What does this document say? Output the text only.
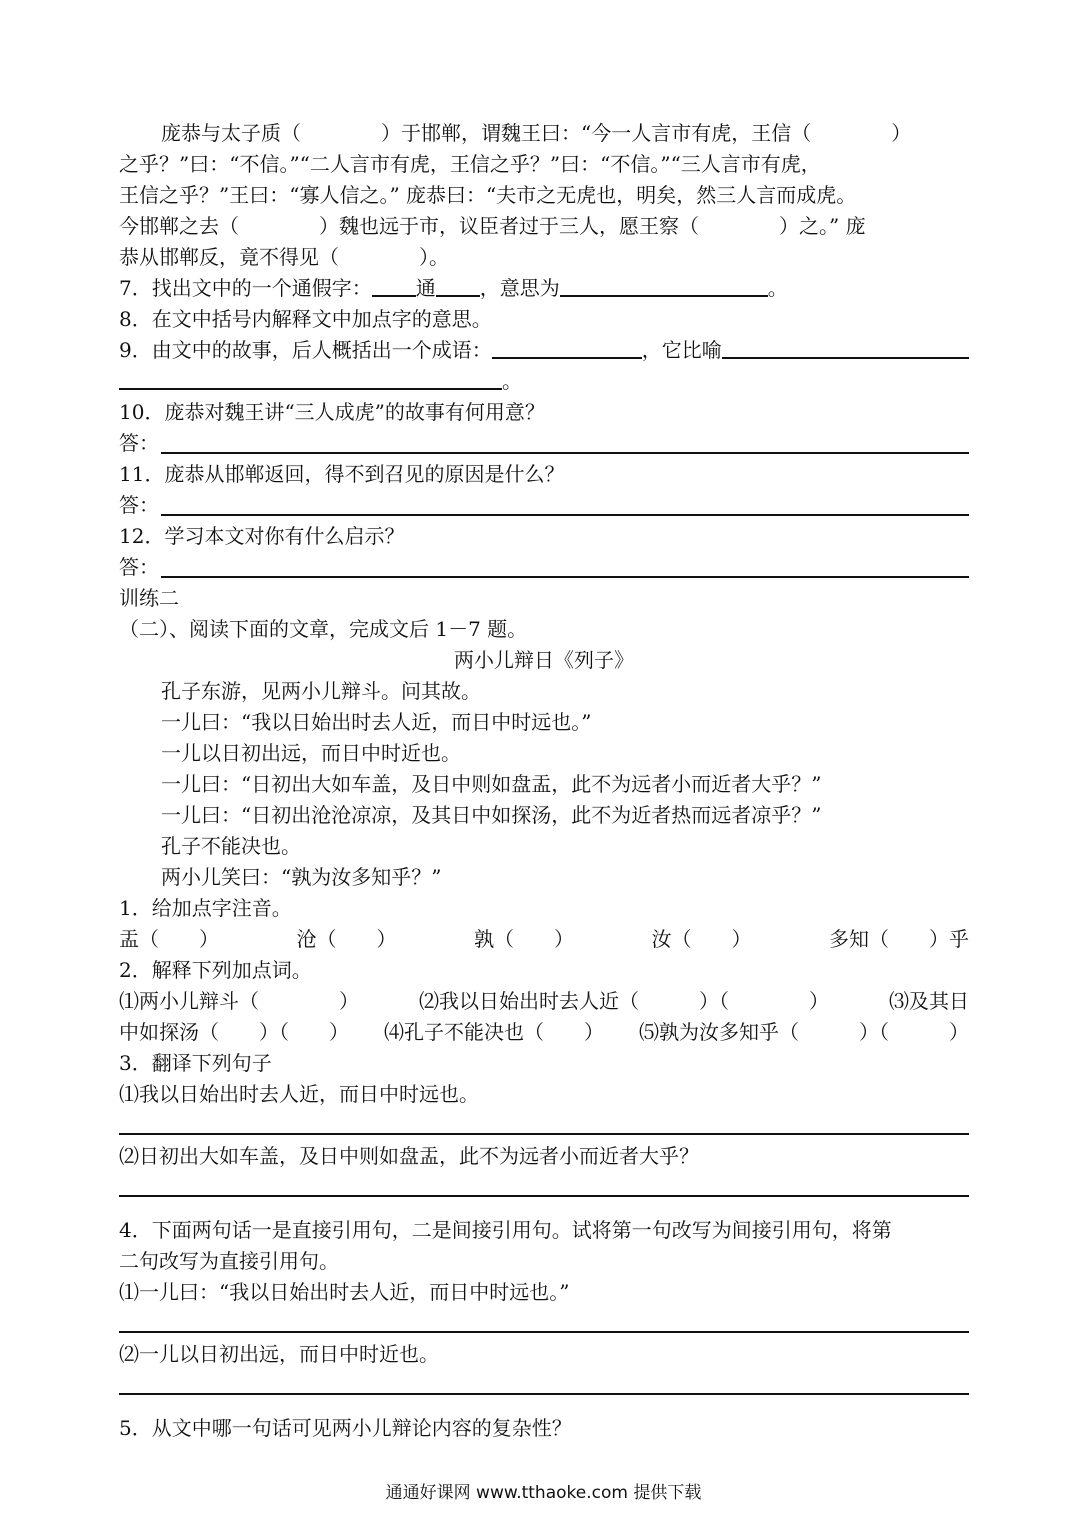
庞恭与太子质（　　　　）于邯郸，谓魏王曰：“今一人言市有虎，王信（　　　　）
之乎？”曰：“不信。”“二人言市有虎，王信之乎？”曰：“不信。”“三人言市有虎，
王信之乎？”王曰：“寡人信之。” 庞恭曰：“夫市之无虎也，明矣，然三人言而成虎。
今邯郸之去（　　　　）魏也远于市，议臣者过于三人，愿王察（　　　　）之。” 庞
恭从邯郸反，竟不得见（　　　　）。
7．找出文中的一个通假字： 通 ，意思为	。
8．在文中括号内解释文中加点字的意思。
9．由文中的故事，后人概括出一个成语：	，它比喻
。
10．庞恭对魏王讲“三人成虎”的故事有何用意？
答：
11．庞恭从邯郸返回，得不到召见的原因是什么？
答：
12．学习本文对你有什么启示？
答：
训练二
（二）、阅读下面的文章，完成文后 1－7 题。
两小儿辩日《列子》
孔子东游，见两小儿辩斗。问其故。
一儿曰：“我以日始出时去人近，而日中时远也。”
一儿以日初出远，而日中时近也。
一儿曰：“日初出大如车盖，及日中则如盘盂，此不为远者小而近者大乎？”
一儿曰：“日初出沧沧凉凉，及其日中如探汤，此不为近者热而远者凉乎？”
孔子不能决也。
两小儿笑曰：“孰为汝多知乎？”
1．给加点字注音。
盂（　　）	沧（　　）	孰（　　）	汝（　　）	多知（　　）乎
2．解释下列加点词。
⑴两小儿辩斗（　　　　）	⑵我以日始出时去人近（　　　）（　　　　）	⑶及其日
中如探汤（　　）（　　） ⑷孔子不能决也（　　） ⑸孰为汝多知乎（　　　）（　　　）
3．翻译下列句子
⑴我以日始出时去人近，而日中时远也。
⑵日初出大如车盖，及日中则如盘盂，此不为远者小而近者大乎？
4．下面两句话一是直接引用句，二是间接引用句。试将第一句改写为间接引用句，将第
二句改写为直接引用句。
⑴一儿曰：“我以日始出时去人近，而日中时远也。”
⑵一儿以日初出远，而日中时近也。
5．从文中哪一句话可见两小儿辩论内容的复杂性？
通通好课网 www.tthaoke.com 提供下载
